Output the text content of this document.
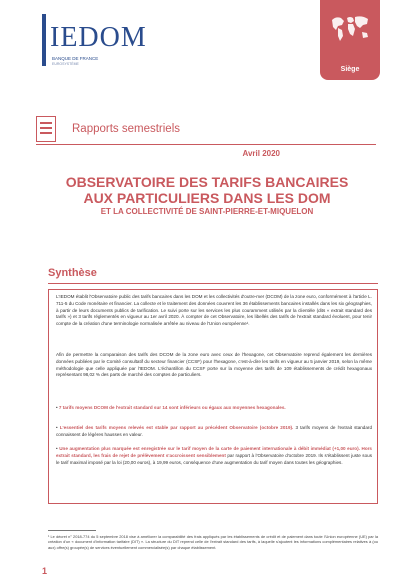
IEDOM
BANQUE DE FRANCE
EUROSYSTÈME
Siège
Rapports semestriels
Avril 2020
OBSERVATOIRE DES TARIFS BANCAIRES
AUX PARTICULIERS DANS LES DOM
ET LA COLLECTIVITÉ DE SAINT-PIERRE-ET-MIQUELON
Synthèse
L'IEDOM établit l'Observatoire public des tarifs bancaires dans les DOM et les collectivités d'outre-mer (DCOM) de la zone euro, conformément à l'article L. 711-5 du Code monétaire et financier. La collecte et le traitement des données couvrent les 36 établissements bancaires installés dans les six géographies, à partir de leurs documents publics de tarification. Le suivi porte sur les services les plus couramment utilisés par la clientèle (dits « extrait standard des tarifs ») et 3 tarifs réglementés en vigueur au 1er avril 2020. À compter de cet Observatoire, les libellés des tarifs de l'extrait standard évoluent, pour tenir compte de la création d'une terminologie normalisée arrêtée au niveau de l'Union européenne¹.
Afin de permettre la comparaison des tarifs des DCOM de la zone euro avec ceux de l'hexagone, cet Observatoire reprend également les dernières données publiées par le Comité consultatif du secteur financier (CCSF) pour l'hexagone, c'est-à-dire les tarifs en vigueur au 5 janvier 2019, selon la même méthodologie que celle appliquée par l'IEDOM. L'échantillon du CCSF porte sur la moyenne des tarifs de 109 établissements de crédit hexagonaux représentant 98,02 % des parts de marché des comptes de particuliers.
• 7 tarifs moyens DCOM de l'extrait standard sur 14 sont inférieurs ou égaux aux moyennes hexagonales.
• L'essentiel des tarifs moyens relevés est stable par rapport au précédent Observatoire (octobre 2019). 3 tarifs moyens de l'extrait standard connaissent de légères hausses en valeur.
• Une augmentation plus marquée est enregistrée sur le tarif moyen de la carte de paiement internationale à débit immédiat (+1,00 euro). Hors extrait standard, les frais de rejet de prélèvement s'accroissent sensiblement par rapport à l'Observatoire d'octobre 2019. Ils s'établissent juste sous le tarif maximal imposé par la loi (20,00 euros), à 19,99 euros, conséquence d'une augmentation du tarif moyen dans toutes les géographies.
¹ Le décret n° 2018-774 du 5 septembre 2018 vise à améliorer la comparabilité des frais appliqués par les établissements de crédit et de paiement dans toute l'Union européenne (UE) par la création d'un « document d'information tarifaire (DIT) ». La structure du DIT reprend celle de l'extrait standard des tarifs, à laquelle s'ajoutent les informations complémentaires relatives à (ou aux) offre(s) groupée(s) de services éventuellement commercialisée(s) par chaque établissement.
1
